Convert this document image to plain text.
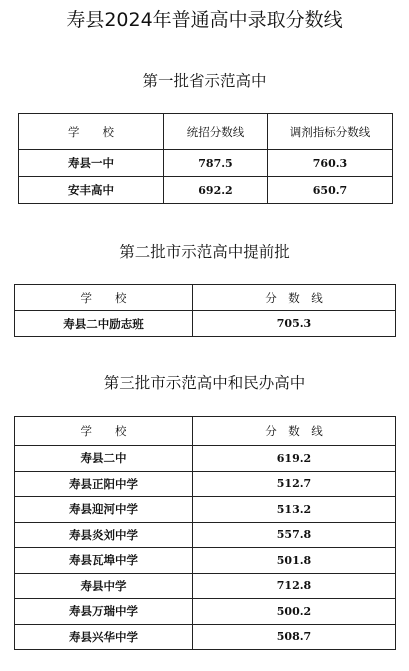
寿县2024年普通高中录取分数线
第一批省示范高中
学　　校	统招分数线	调剂指标分数线
寿县一中	787.5	760.3
安丰高中	692.2	650.7
第二批市示范高中提前批
学　　校	分　数　线
寿县二中励志班	705.3
第三批市示范高中和民办高中
学　　校	分　数　线
寿县二中	619.2
寿县正阳中学	512.7
寿县迎河中学	513.2
寿县炎刘中学	557.8
寿县瓦埠中学	501.8
寿县中学	712.8
寿县万瑞中学	500.2
寿县兴华中学	508.7
